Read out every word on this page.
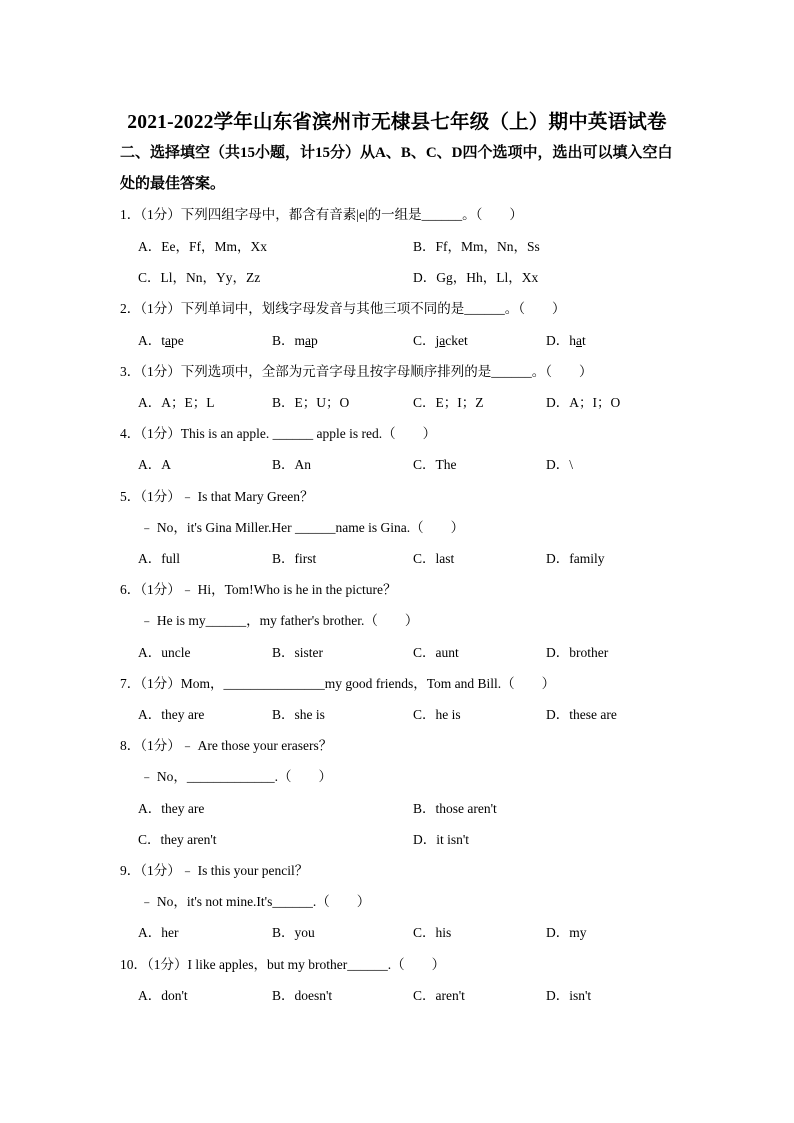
2021-2022学年山东省滨州市无棣县七年级（上）期中英语试卷
二、选择填空（共15小题，计15分）从A、B、C、D四个选项中，选出可以填入空白处的最佳答案。
1．（1分）下列四组字母中，都含有音素|e|的一组是______。（　　）
A．Ee，Ff，Mm，Xx	B．Ff，Mm，Nn，Ss
C．Ll，Nn，Yy，Zz	D．Gg，Hh，Ll，Xx
2．（1分）下列单词中，划线字母发音与其他三项不同的是______。（　　）
A．tape	B．map	C．jacket	D．hat
3．（1分）下列选项中，全部为元音字母且按字母顺序排列的是______。（　　）
A．A；E；L	B．E；U；O	C．E；I；Z	D．A；I；O
4．（1分）This is an apple. ______ apple is red.（　　）
A．A	B．An	C．The	D．\
5．（1分）﹣ Is that Mary Green？
﹣ No，it's Gina Miller.Her ______name is Gina.（　　）
A．full	B．first	C．last	D．family
6．（1分）﹣ Hi，Tom!Who is he in the picture？
﹣ He is my______，my father's brother.（　　）
A．uncle	B．sister	C．aunt	D．brother
7．（1分）Mom，_______________my good friends，Tom and Bill.（　　）
A．they are	B．she is	C．he is	D．these are
8．（1分）﹣ Are those your erasers？
﹣ No，_____________.（　　）
A．they are	B．those aren't
C．they aren't	D．it isn't
9．（1分）﹣ Is this your pencil？
﹣ No，it's not mine.It's______.（　　）
A．her	B．you	C．his	D．my
10．（1分）I like apples，but my brother______.（　　）
A．don't	B．doesn't	C．aren't	D．isn't
